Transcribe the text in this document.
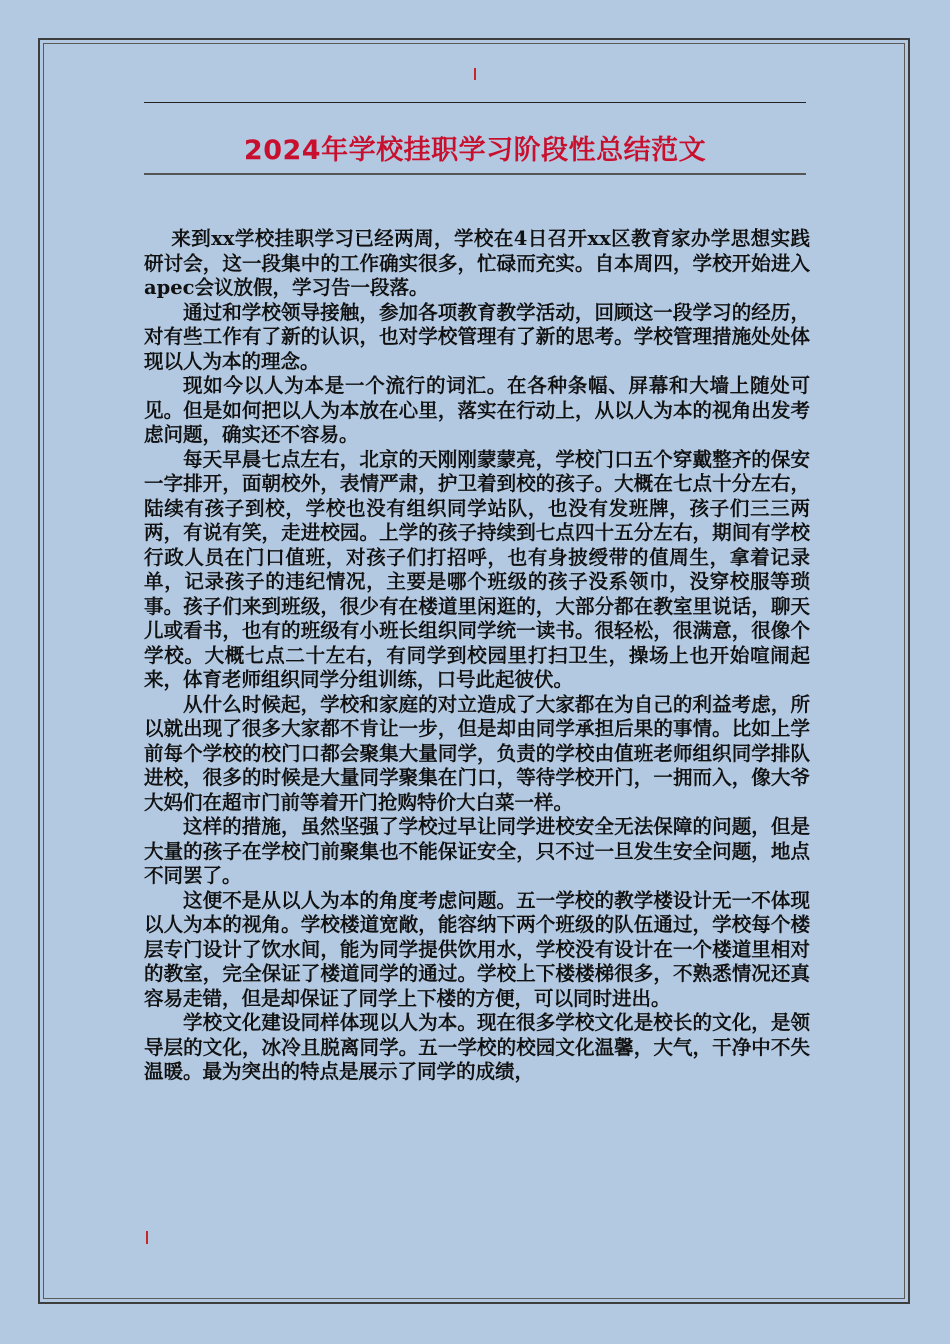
2024年学校挂职学习阶段性总结范文

来到xx学校挂职学习已经两周，学校在4日召开xx区教育家办学思想实践研讨会，这一段集中的工作确实很多，忙碌而充实。自本周四，学校开始进入apec会议放假，学习告一段落。

通过和学校领导接触，参加各项教育教学活动，回顾这一段学习的经历，对有些工作有了新的认识，也对学校管理有了新的思考。学校管理措施处处体现以人为本的理念。

现如今以人为本是一个流行的词汇。在各种条幅、屏幕和大墙上随处可见。但是如何把以人为本放在心里，落实在行动上，从以人为本的视角出发考虑问题，确实还不容易。

每天早晨七点左右，北京的天刚刚蒙蒙亮，学校门口五个穿戴整齐的保安一字排开，面朝校外，表情严肃，护卫着到校的孩子。大概在七点十分左右，陆续有孩子到校，学校也没有组织同学站队，也没有发班牌，孩子们三三两两，有说有笑，走进校园。上学的孩子持续到七点四十五分左右，期间有学校行政人员在门口值班，对孩子们打招呼，也有身披绶带的值周生，拿着记录单，记录孩子的违纪情况，主要是哪个班级的孩子没系领巾，没穿校服等琐事。孩子们来到班级，很少有在楼道里闲逛的，大部分都在教室里说话，聊天儿或看书，也有的班级有小班长组织同学统一读书。很轻松，很满意，很像个学校。大概七点二十左右，有同学到校园里打扫卫生，操场上也开始喧闹起来，体育老师组织同学分组训练，口号此起彼伏。

从什么时候起，学校和家庭的对立造成了大家都在为自己的利益考虑，所以就出现了很多大家都不肯让一步，但是却由同学承担后果的事情。比如上学前每个学校的校门口都会聚集大量同学，负责的学校由值班老师组织同学排队进校，很多的时候是大量同学聚集在门口，等待学校开门，一拥而入，像大爷大妈们在超市门前等着开门抢购特价大白菜一样。

这样的措施，虽然坚强了学校过早让同学进校安全无法保障的问题，但是大量的孩子在学校门前聚集也不能保证安全，只不过一旦发生安全问题，地点不同罢了。

这便不是从以人为本的角度考虑问题。五一学校的教学楼设计无一不体现以人为本的视角。学校楼道宽敞，能容纳下两个班级的队伍通过，学校每个楼层专门设计了饮水间，能为同学提供饮用水，学校没有设计在一个楼道里相对的教室，完全保证了楼道同学的通过。学校上下楼楼梯很多，不熟悉情况还真容易走错，但是却保证了同学上下楼的方便，可以同时进出。

学校文化建设同样体现以人为本。现在很多学校文化是校长的文化，是领导层的文化，冰冷且脱离同学。五一学校的校园文化温馨，大气，干净中不失温暖。最为突出的特点是展示了同学的成绩，
